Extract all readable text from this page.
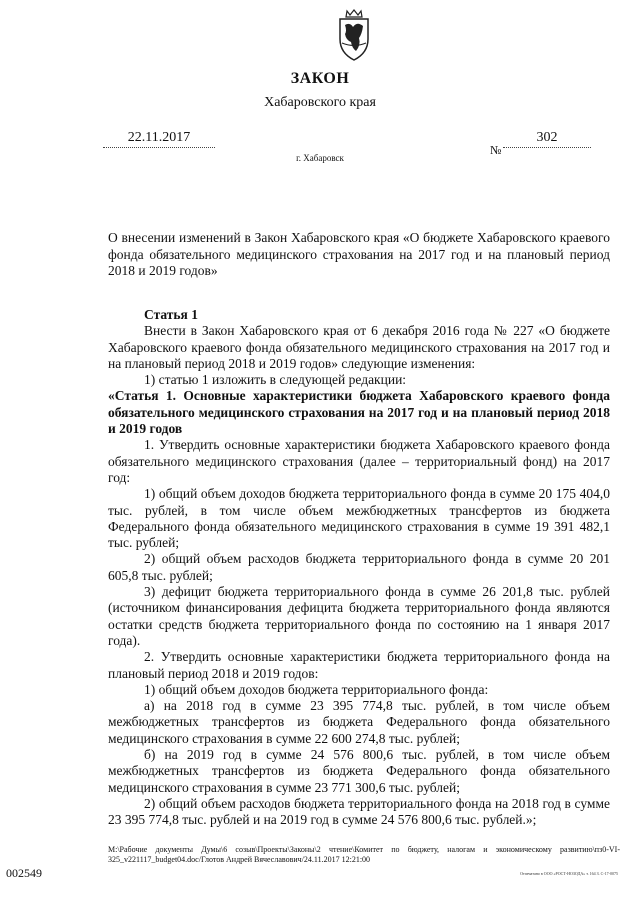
ЗАКОН
Хабаровского края
22.11.2017
№
302
г. Хабаровск
О внесении изменений в Закон Хабаровского края «О бюджете Хабаровского краевого фонда обязательного медицинского страхования на 2017 год и на плановый период 2018 и 2019 годов»

Статья 1

Внести в Закон Хабаровского края от 6 декабря 2016 года № 227 «О бюджете Хабаровского краевого фонда обязательного медицинского страхования на 2017 год и на плановый период 2018 и 2019 годов» следующие изменения:

1) статью 1 изложить в следующей редакции:

«Статья 1. Основные характеристики бюджета Хабаровского краевого фонда обязательного медицинского страхования на 2017 год и на плановый период 2018 и 2019 годов

1. Утвердить основные характеристики бюджета Хабаровского краевого фонда обязательного медицинского страхования (далее – территориальный фонд) на 2017 год:

1) общий объем доходов бюджета территориального фонда в сумме 20 175 404,0 тыс. рублей, в том числе объем межбюджетных трансфертов из бюджета Федерального фонда обязательного медицинского страхования в сумме 19 391 482,1 тыс. рублей;

2) общий объем расходов бюджета территориального фонда в сумме 20 201 605,8 тыс. рублей;

3) дефицит бюджета территориального фонда в сумме 26 201,8 тыс. рублей (источником финансирования дефицита бюджета территориального фонда являются остатки средств бюджета территориального фонда по состоянию на 1 января 2017 года).

2. Утвердить основные характеристики бюджета территориального фонда на плановый период 2018 и 2019 годов:

1) общий объем доходов бюджета территориального фонда:

а) на 2018 год в сумме 23 395 774,8 тыс. рублей, в том числе объем межбюджетных трансфертов из бюджета Федерального фонда обязательного медицинского страхования в сумме 22 600 274,8 тыс. рублей;

б) на 2019 год в сумме 24 576 800,6 тыс. рублей, в том числе объем межбюджетных трансфертов из бюджета Федерального фонда обязательного медицинского страхования в сумме 23 771 300,6 тыс. рублей;

2) общий объем расходов бюджета территориального фонда на 2018 год в сумме 23 395 774,8 тыс. рублей и на 2019 год в сумме 24 576 800,6 тыс. рублей.»;

М:\Рабочие документы Думы\6 созыв\Проекты\Законы\2 чтение\Комитет по бюджету, налогам и экономическому развитию\пз0-VI-325_v221117_budget04.doc/Глотов Андрей Вячеславович/24.11.2017 12:21:00
002549	Отпечатано в ООО «РОСТ-НОЗОДА» т. 164 З. С-17-0075
